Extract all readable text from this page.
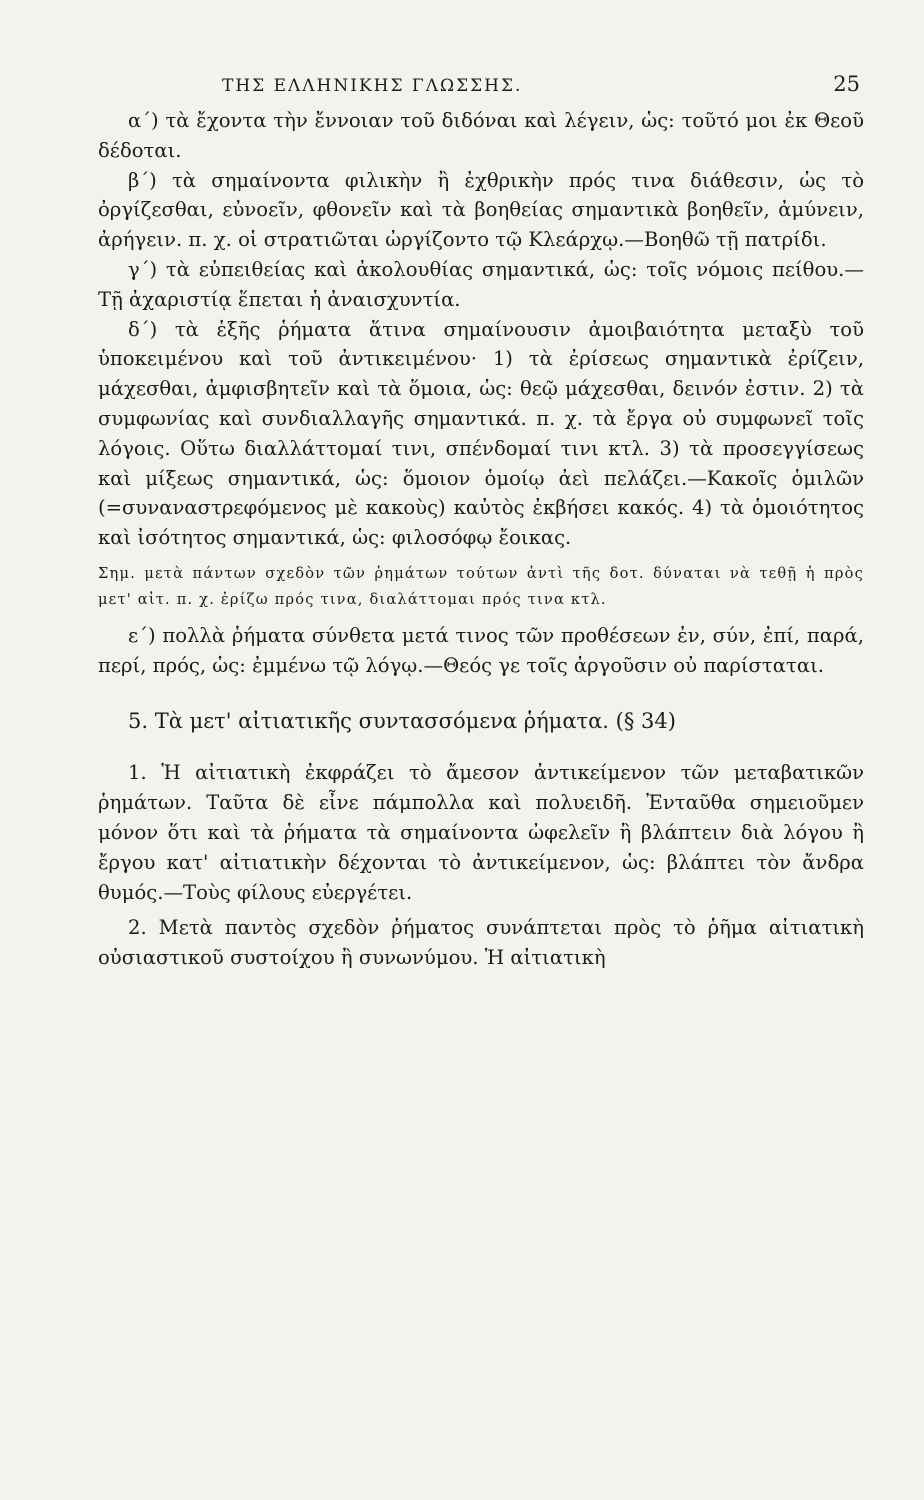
ΤΗΣ ΕΛΛΗΝΙΚΗΣ ΓΛΩΣΣΗΣ.	25

α΄) τὰ ἔχοντα τὴν ἔννοιαν τοῦ διδόναι καὶ λέγειν, ὡς: τοῦτό μοι ἐκ Θεοῦ δέδοται.

β΄) τὰ σημαίνοντα φιλικὴν ἢ ἐχθρικὴν πρός τινα διάθεσιν, ὡς τὸ ὀργίζεσθαι, εὐνοεῖν, φθονεῖν καὶ τὰ βοηθείας σημαντικὰ βοηθεῖν, ἀμύνειν, ἀρήγειν. π. χ. οἱ στρατιῶται ὠργίζοντο τῷ Κλεάρχῳ.—Βοηθῶ τῇ πατρίδι.

γ΄) τὰ εὐπειθείας καὶ ἀκολουθίας σημαντικά, ὡς: τοῖς νόμοις πείθου.—Τῇ ἀχαριστίᾳ ἕπεται ἡ ἀναισχυντία.

δ΄) τὰ ἑξῆς ῥήματα ἅτινα σημαίνουσιν ἀμοιβαιότητα μεταξὺ τοῦ ὑποκειμένου καὶ τοῦ ἀντικειμένου· 1) τὰ ἐρίσεως σημαντικὰ ἐρίζειν, μάχεσθαι, ἀμφισβητεῖν καὶ τὰ ὅμοια, ὡς: θεῷ μάχεσθαι, δεινόν ἐστιν. 2) τὰ συμφωνίας καὶ συνδιαλλαγῆς σημαντικά. π. χ. τὰ ἔργα οὐ συμφωνεῖ τοῖς λόγοις. Οὕτω διαλλάττομαί τινι, σπένδομαί τινι κτλ. 3) τὰ προσεγγίσεως καὶ μίξεως σημαντικά, ὡς: ὅμοιον ὁμοίῳ ἀεὶ πελάζει.—Κακοῖς ὁμιλῶν (=συναναστρεφόμενος μὲ κακοὺς) καὐτὸς ἐκβήσει κακός. 4) τὰ ὁμοιότητος καὶ ἰσότητος σημαντικά, ὡς: φιλοσόφῳ ἔοικας.

Σημ. μετὰ πάντων σχεδὸν τῶν ῥημάτων τούτων ἀντὶ τῆς δοτ. δύναται νὰ τεθῇ ἡ πρὸς μετ' αἰτ. π. χ. ἐρίζω πρός τινα, διαλάττομαι πρός τινα κτλ.

ε΄) πολλὰ ῥήματα σύνθετα μετά τινος τῶν προθέσεων ἐν, σύν, ἐπί, παρά, περί, πρός, ὡς: ἐμμένω τῷ λόγῳ.—Θεός γε τοῖς ἀργοῦσιν οὐ παρίσταται.

5. Τὰ μετ' αἰτιατικῆς συντασσόμενα ῥήματα. (§ 34)

1. Ἡ αἰτιατικὴ ἐκφράζει τὸ ἄμεσον ἀντικείμενον τῶν μεταβατικῶν ῥημάτων. Ταῦτα δὲ εἶνε πάμπολλα καὶ πολυειδῆ. Ἐνταῦθα σημειοῦμεν μόνον ὅτι καὶ τὰ ῥήματα τὰ σημαίνοντα ὠφελεῖν ἢ βλάπτειν διὰ λόγου ἢ ἔργου κατ' αἰτιατικὴν δέχονται τὸ ἀντικείμενον, ὡς: βλάπτει τὸν ἄνδρα θυμός.—Τοὺς φίλους εὐεργέτει.

2. Μετὰ παντὸς σχεδὸν ῥήματος συνάπτεται πρὸς τὸ ῥῆμα αἰτιατικὴ οὐσιαστικοῦ συστοίχου ἢ συνωνύμου. Ἡ αἰτιατικὴ
